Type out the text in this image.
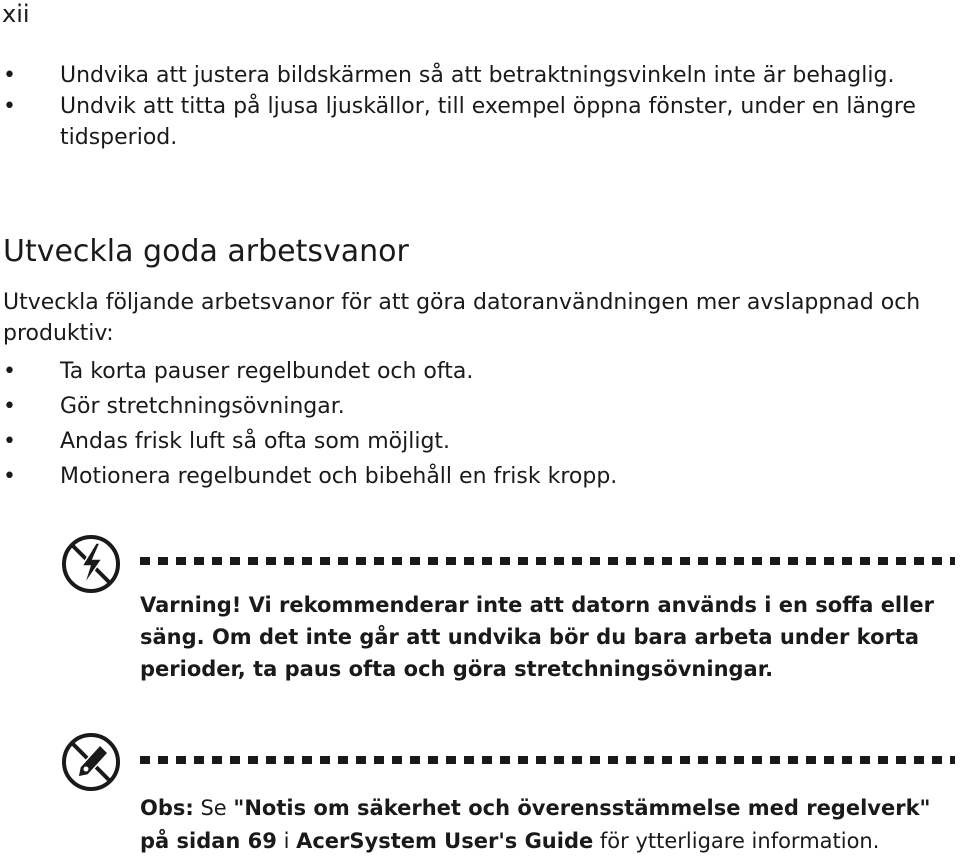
xii
• Undvika att justera bildskärmen så att betraktningsvinkeln inte är behaglig.
• Undvik att titta på ljusa ljuskällor, till exempel öppna fönster, under en längre tidsperiod.
Utveckla goda arbetsvanor

Utveckla följande arbetsvanor för att göra datoranvändningen mer avslappnad och produktiv:

• Ta korta pauser regelbundet och ofta.
• Gör stretchningsövningar.
• Andas frisk luft så ofta som möjligt.
• Motionera regelbundet och bibehåll en frisk kropp.

Varning! Vi rekommenderar inte att datorn används i en soffa eller säng. Om det inte går att undvika bör du bara arbeta under korta perioder, ta paus ofta och göra stretchningsövningar.

Obs: Se "Notis om säkerhet och överensstämmelse med regelverk"
på sidan 69 i AcerSystem User's Guide för ytterligare information.
